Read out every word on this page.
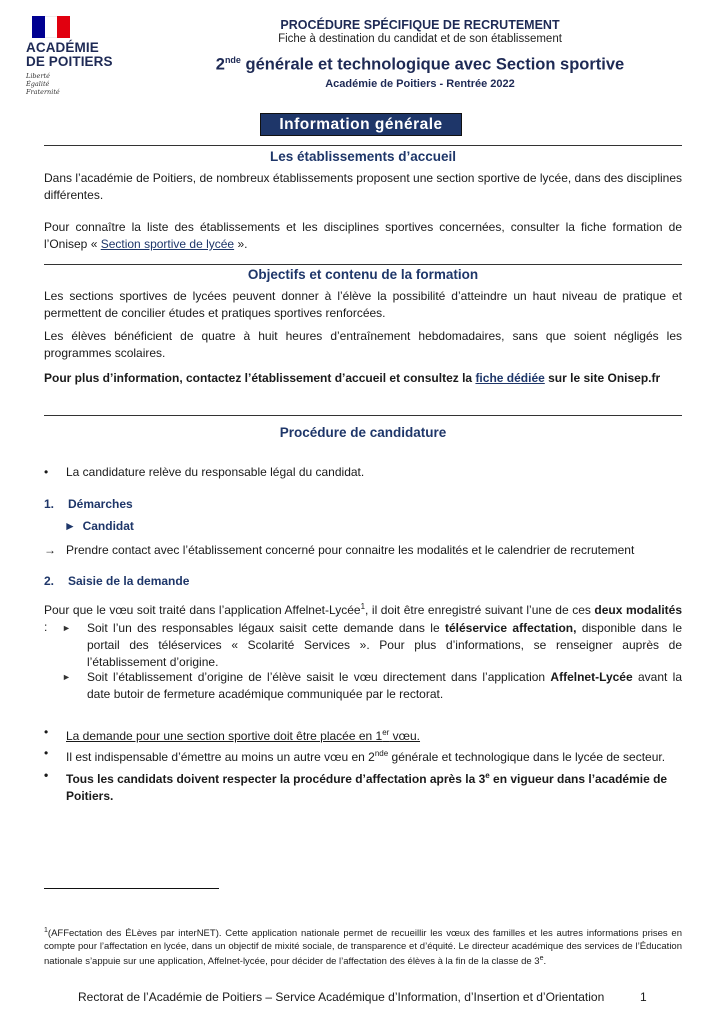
ACADÉMIE
DE POITIERS
Liberté
Égalité
Fraternité
PROCÉDURE SPÉCIFIQUE DE RECRUTEMENT
Fiche à destination du candidat et de son établissement
2nde générale et technologique avec Section sportive
Académie de Poitiers - Rentrée 2022
Information générale
Les établissements d’accueil
Dans l’académie de Poitiers, de nombreux établissements proposent une section sportive de lycée, dans des disciplines différentes.
Pour connaître la liste des établissements et les disciplines sportives concernées, consulter la fiche formation de l’Onisep « Section sportive de lycée ».
Objectifs et contenu de la formation
Les sections sportives de lycées peuvent donner à l’élève la possibilité d’atteindre un haut niveau de pratique et permettent de concilier études et pratiques sportives renforcées.
Les élèves bénéficient de quatre à huit heures d’entraînement hebdomadaires, sans que soient négligés les programmes scolaires.
Pour plus d’information, contactez l’établissement d’accueil et consultez la fiche dédiée sur le site Onisep.fr
Procédure de candidature
• La candidature relève du responsable légal du candidat.
1. Démarches
► Candidat
→ Prendre contact avec l’établissement concerné pour connaitre les modalités et le calendrier de recrutement
2. Saisie de la demande
Pour que le vœu soit traité dans l’application Affelnet-Lycée$^1$, il doit être enregistré suivant l’une de ces deux modalités :	► Soit l’un des responsables légaux saisit cette demande dans le téléservice affectation, disponible dans le portail des téléservices « Scolarité Services ». Pour plus d’informations, se renseigner auprès de l’établissement d’origine.
► Soit l’établissement d’origine de l’élève saisit le vœu directement dans l’application Affelnet-Lycée avant la date butoir de fermeture académique communiquée par le rectorat.
• La demande pour une section sportive doit être placée en 1er vœu.
• Il est indispensable d’émettre au moins un autre vœu en 2nde générale et technologique dans le lycée de secteur.
• Tous les candidats doivent respecter la procédure d’affectation après la 3e en vigueur dans l’académie de Poitiers.
$^1$(AFFectation des ÉLèves par interNET). Cette application nationale permet de recueillir les vœux des familles et les autres informations prises en compte pour l’affectation en lycée, dans un objectif de mixité sociale, de transparence et d’équité. Le directeur académique des services de l’Éducation nationale s’appuie sur une application, Affelnet-lycée, pour décider de l’affectation des élèves à la fin de la classe de 3e.
Rectorat de l’Académie de Poitiers – Service Académique d’Information, d’Insertion et d’Orientation	1
